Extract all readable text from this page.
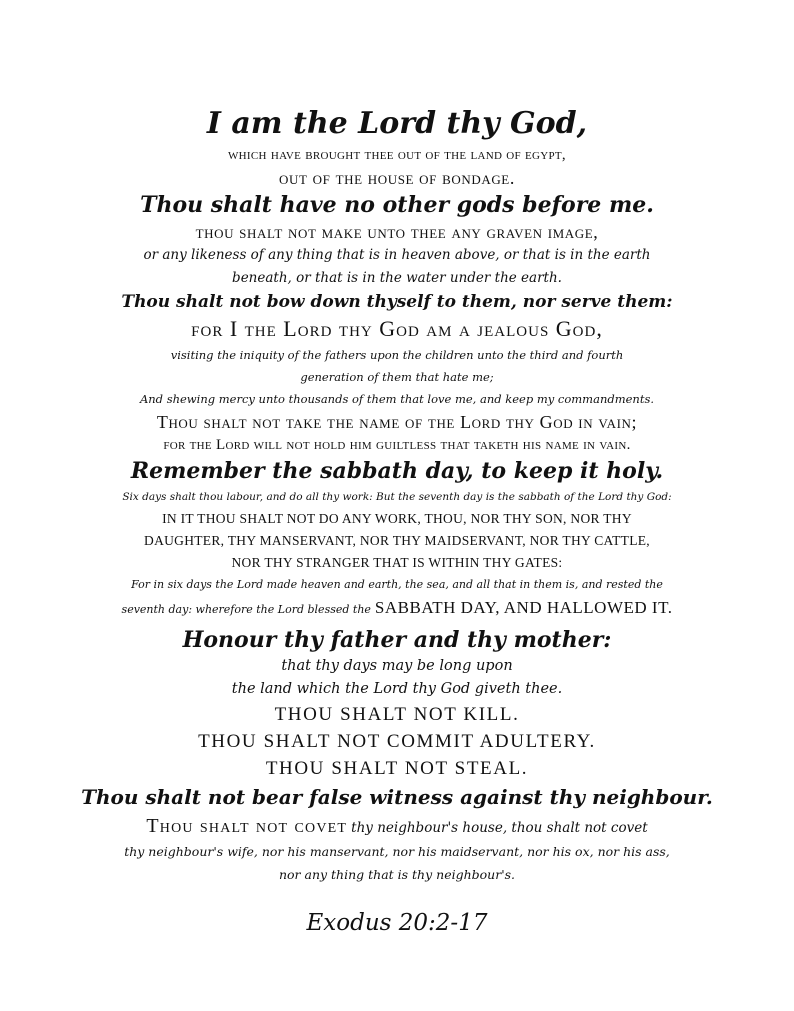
I am the Lord thy God,
which have brought thee out of the land of egypt,
out of the house of bondage.
Thou shalt have no other gods before me.
thou shalt not make unto thee any graven image,
or any likeness of any thing that is in heaven above, or that is in the earth
beneath, or that is in the water under the earth.
Thou shalt not bow down thyself to them, nor serve them:
for I the Lord thy God am a jealous God,
visiting the iniquity of the fathers upon the children unto the third and fourth
generation of them that hate me;
And shewing mercy unto thousands of them that love me, and keep my commandments.
Thou shalt not take the name of the Lord thy God in vain;
for the Lord will not hold him guiltless that taketh his name in vain.
Remember the sabbath day, to keep it holy.
Six days shalt thou labour, and do all thy work: But the seventh day is the sabbath of the Lord thy God:
IN IT THOU SHALT NOT DO ANY WORK, THOU, NOR THY SON, NOR THY
DAUGHTER, THY MANSERVANT, NOR THY MAIDSERVANT, NOR THY CATTLE,
NOR THY STRANGER THAT IS WITHIN THY GATES:
For in six days the Lord made heaven and earth, the sea, and all that in them is, and rested the
seventh day: wherefore the Lord blessed the SABBATH DAY, AND HALLOWED IT.
Honour thy father and thy mother:
that thy days may be long upon
the land which the Lord thy God giveth thee.
THOU SHALT NOT KILL.
THOU SHALT NOT COMMIT ADULTERY.
THOU SHALT NOT STEAL.
Thou shalt not bear false witness against thy neighbour.
Thou shalt not covet thy neighbour's house, thou shalt not covet
thy neighbour's wife, nor his manservant, nor his maidservant, nor his ox, nor his ass,
nor any thing that is thy neighbour's.
Exodus 20:2-17
